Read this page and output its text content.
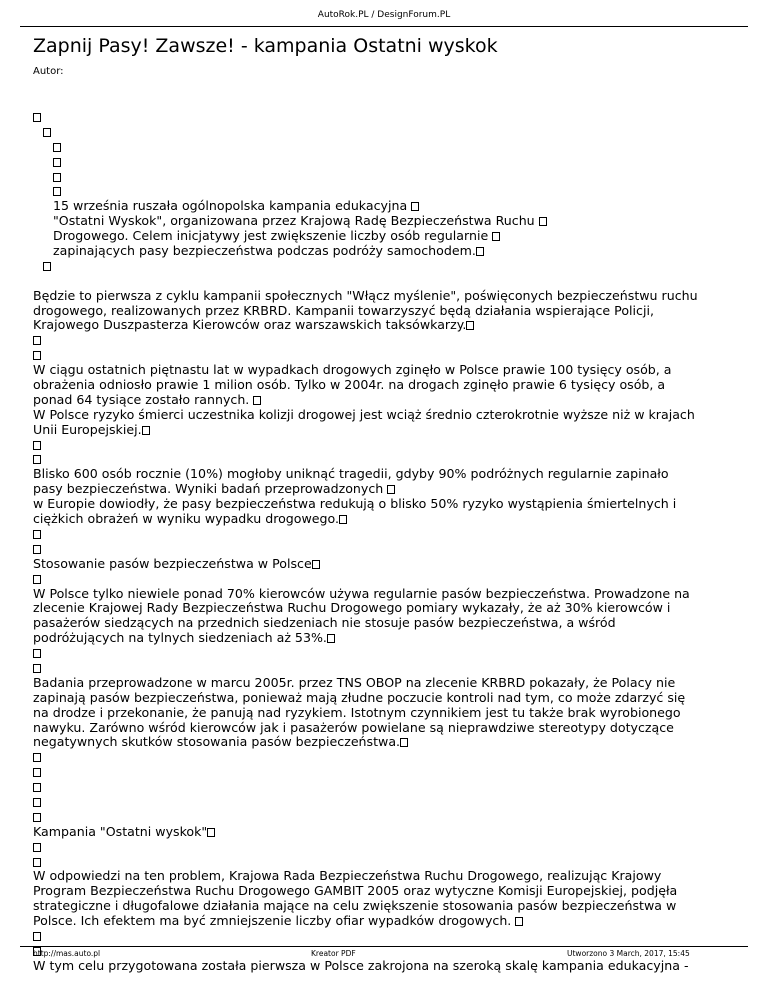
AutoRok.PL / DesignForum.PL
Zapnij Pasy! Zawsze! - kampania Ostatni wyskok
Autor:
15 września ruszała ogólnopolska kampania edukacyjna
"Ostatni Wyskok", organizowana przez Krajową Radę Bezpieczeństwa Ruchu
Drogowego. Celem inicjatywy jest zwiększenie liczby osób regularnie
zapinających pasy bezpieczeństwa podczas podróży samochodem.
Będzie to pierwsza z cyklu kampanii społecznych "Włącz myślenie", poświęconych bezpieczeństwu ruchu
drogowego, realizowanych przez KRBRD. Kampanii towarzyszyć będą działania wspierające Policji,
Krajowego Duszpasterza Kierowców oraz warszawskich taksówkarzy.
W ciągu ostatnich piętnastu lat w wypadkach drogowych zginęło w Polsce prawie 100 tysięcy osób, a
obrażenia odniosło prawie 1 milion osób. Tylko w 2004r. na drogach zginęło prawie 6 tysięcy osób, a
ponad 64 tysiące zostało rannych.
W Polsce ryzyko śmierci uczestnika kolizji drogowej jest wciąż średnio czterokrotnie wyższe niż w krajach
Unii Europejskiej.
Blisko 600 osób rocznie (10%) mogłoby uniknąć tragedii, gdyby 90% podróżnych regularnie zapinało
pasy bezpieczeństwa. Wyniki badań przeprowadzonych
w Europie dowiodły, że pasy bezpieczeństwa redukują o blisko 50% ryzyko wystąpienia śmiertelnych i
ciężkich obrażeń w wyniku wypadku drogowego.
Stosowanie pasów bezpieczeństwa w Polsce
W Polsce tylko niewiele ponad 70% kierowców używa regularnie pasów bezpieczeństwa. Prowadzone na
zlecenie Krajowej Rady Bezpieczeństwa Ruchu Drogowego pomiary wykazały, że aż 30% kierowców i
pasażerów siedzących na przednich siedzeniach nie stosuje pasów bezpieczeństwa, a wśród
podróżujących na tylnych siedzeniach aż 53%.
Badania przeprowadzone w marcu 2005r. przez TNS OBOP na zlecenie KRBRD pokazały, że Polacy nie
zapinają pasów bezpieczeństwa, ponieważ mają złudne poczucie kontroli nad tym, co może zdarzyć się
na drodze i przekonanie, że panują nad ryzykiem. Istotnym czynnikiem jest tu także brak wyrobionego
nawyku. Zarówno wśród kierowców jak i pasażerów powielane są nieprawdziwe stereotypy dotyczące
negatywnych skutków stosowania pasów bezpieczeństwa.
Kampania "Ostatni wyskok"
W odpowiedzi na ten problem, Krajowa Rada Bezpieczeństwa Ruchu Drogowego, realizując Krajowy
Program Bezpieczeństwa Ruchu Drogowego GAMBIT 2005 oraz wytyczne Komisji Europejskiej, podjęła
strategiczne i długofalowe działania mające na celu zwiększenie stosowania pasów bezpieczeństwa w
Polsce. Ich efektem ma być zmniejszenie liczby ofiar wypadków drogowych.
W tym celu przygotowana została pierwsza w Polsce zakrojona na szeroką skalę kampania edukacyjna -
http://mas.auto.pl	Kreator PDF	Utworzono 3 March, 2017, 15:45
